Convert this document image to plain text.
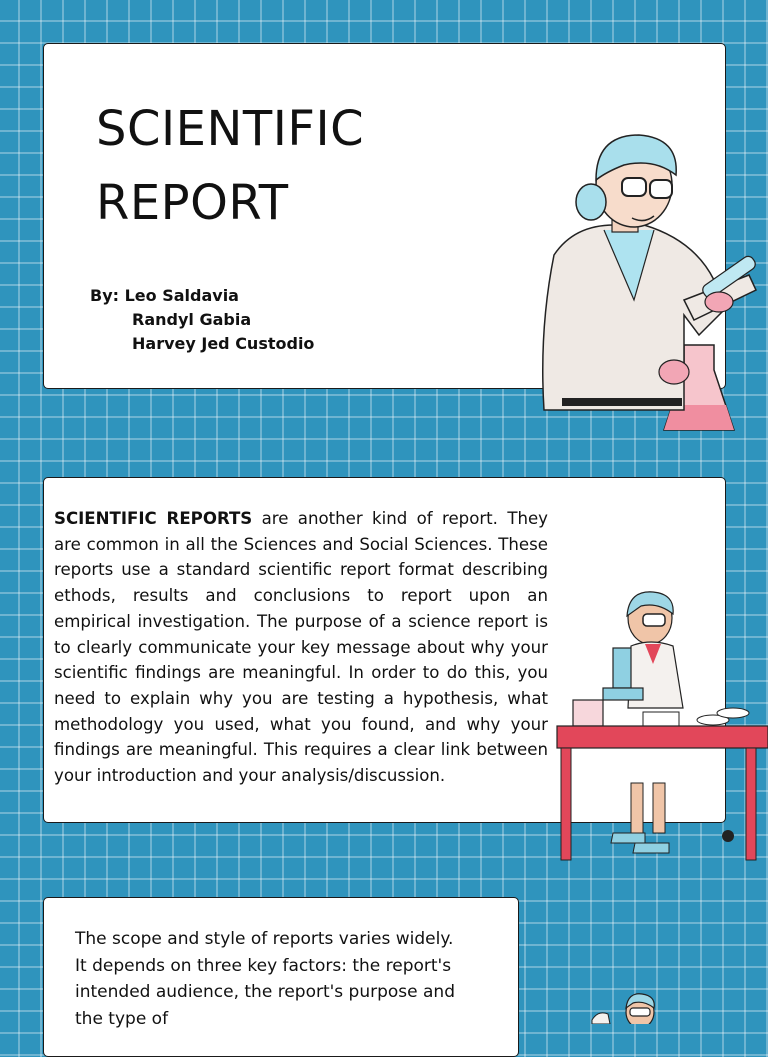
SCIENTIFIC
REPORT
By: Leo Saldavia
Randyl Gabia
Harvey Jed Custodio

SCIENTIFIC REPORTS are another kind of report. They are common in all the Sciences and Social Sciences. These reports use a standard scientific report format describing ethods, results and conclusions to report upon an empirical investigation. The purpose of a science report is to clearly communicate your key message about why your scientific findings are meaningful. In order to do this, you need to explain why you are testing a hypothesis, what methodology you used, what you found, and why your findings are meaningful. This requires a clear link between your introduction and your analysis/discussion.

The scope and style of reports varies widely. It depends on three key factors: the report's intended audience, the report's purpose and the type of
